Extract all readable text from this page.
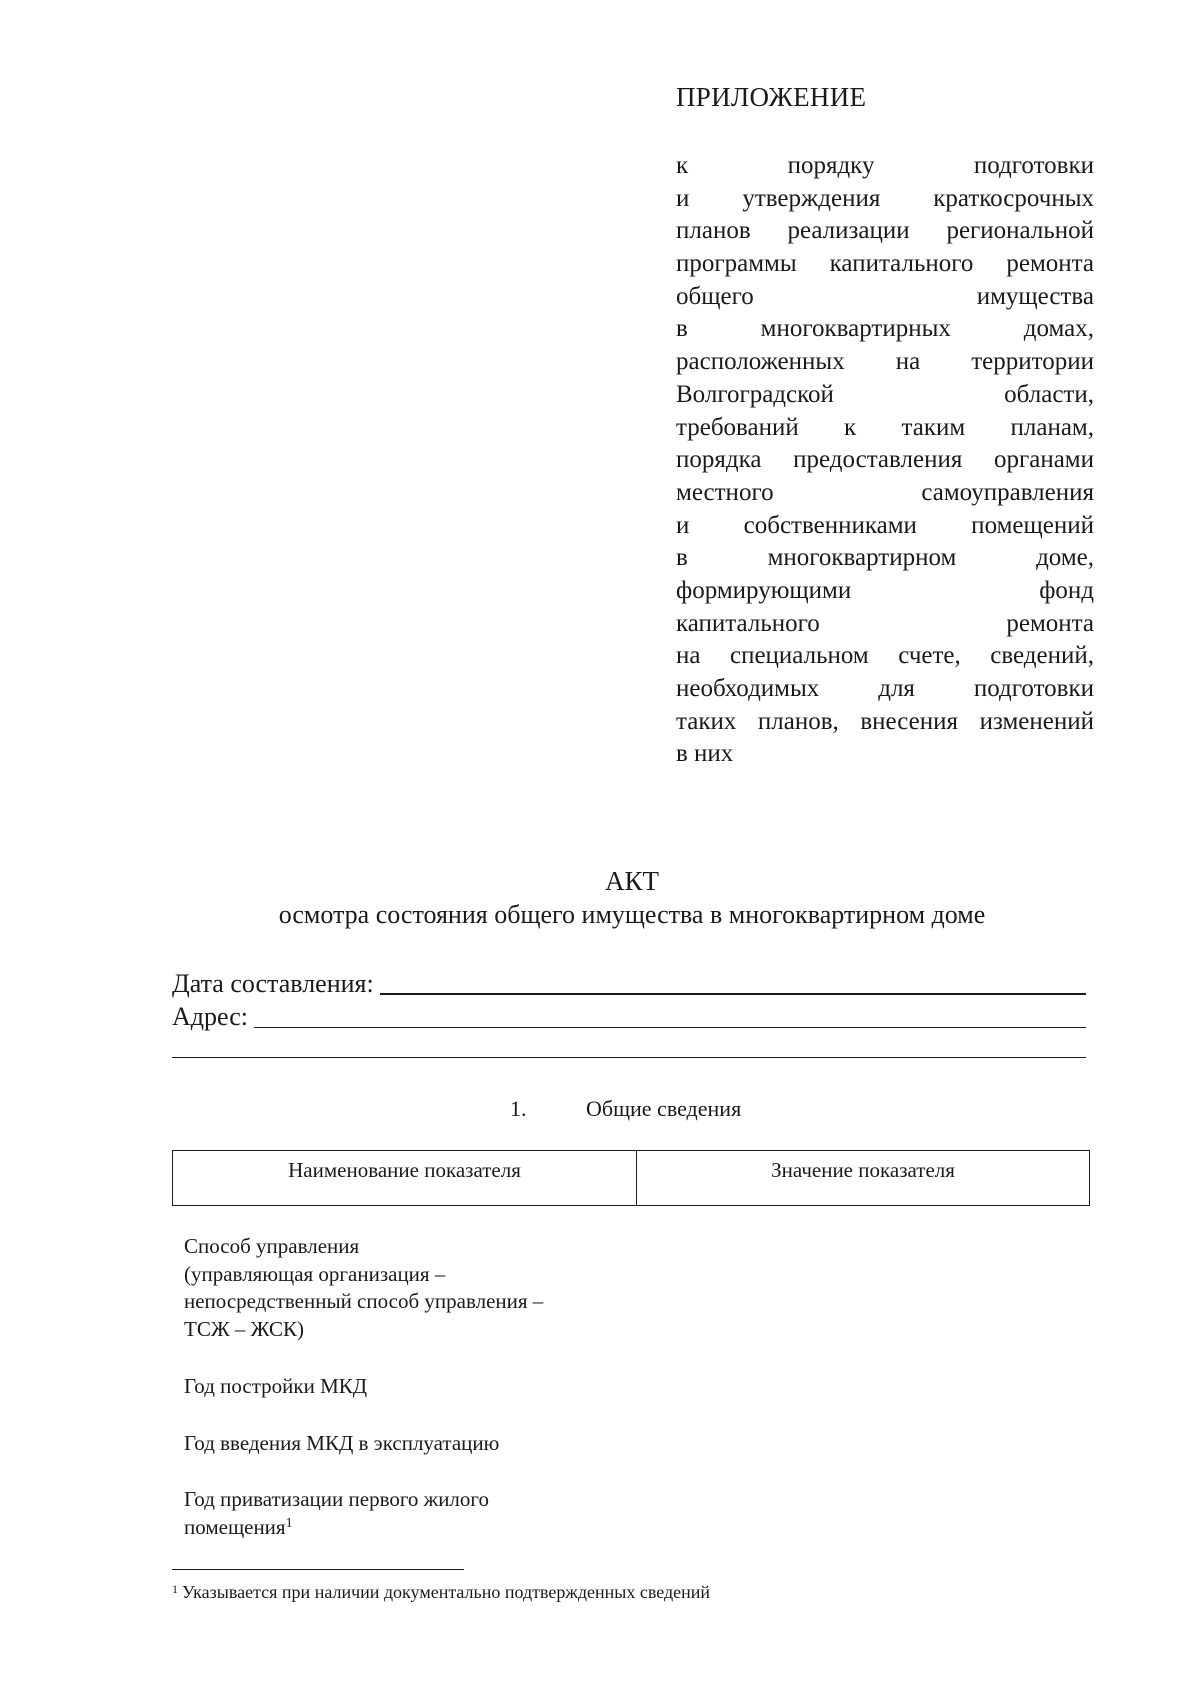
ПРИЛОЖЕНИЕ
к порядку подготовки
и утверждения краткосрочных
планов реализации региональной
программы капитального ремонта
общего имущества
в многоквартирных домах,
расположенных на территории
Волгоградской области,
требований к таким планам,
порядка предоставления органами
местного самоуправления
и собственниками помещений
в многоквартирном доме,
формирующими фонд
капитального ремонта
на специальном счете, сведений,
необходимых для подготовки
таких планов, внесения изменений
в них
АКТ
осмотра состояния общего имущества в многоквартирном доме
Дата составления:
Адрес:
1.	Общие сведения
Наименование показателя	Значение показателя
Способ управления
(управляющая организация –
непосредственный способ управления –
ТСЖ – ЖСК)
Год постройки МКД
Год введения МКД в эксплуатацию
Год приватизации первого жилого
помещения$^1$
$^1$ Указывается при наличии документально подтвержденных сведений
